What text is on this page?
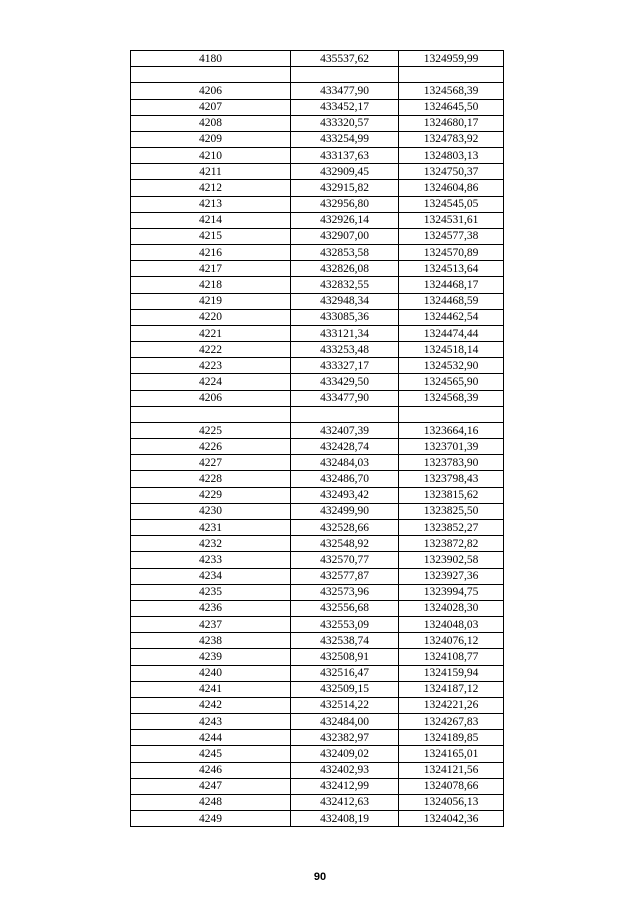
4180	435537,62	1324959,99

4206	433477,90	1324568,39
4207	433452,17	1324645,50
4208	433320,57	1324680,17
4209	433254,99	1324783,92
4210	433137,63	1324803,13
4211	432909,45	1324750,37
4212	432915,82	1324604,86
4213	432956,80	1324545,05
4214	432926,14	1324531,61
4215	432907,00	1324577,38
4216	432853,58	1324570,89
4217	432826,08	1324513,64
4218	432832,55	1324468,17
4219	432948,34	1324468,59
4220	433085,36	1324462,54
4221	433121,34	1324474,44
4222	433253,48	1324518,14
4223	433327,17	1324532,90
4224	433429,50	1324565,90
4206	433477,90	1324568,39

4225	432407,39	1323664,16
4226	432428,74	1323701,39
4227	432484,03	1323783,90
4228	432486,70	1323798,43
4229	432493,42	1323815,62
4230	432499,90	1323825,50
4231	432528,66	1323852,27
4232	432548,92	1323872,82
4233	432570,77	1323902,58
4234	432577,87	1323927,36
4235	432573,96	1323994,75
4236	432556,68	1324028,30
4237	432553,09	1324048,03
4238	432538,74	1324076,12
4239	432508,91	1324108,77
4240	432516,47	1324159,94
4241	432509,15	1324187,12
4242	432514,22	1324221,26
4243	432484,00	1324267,83
4244	432382,97	1324189,85
4245	432409,02	1324165,01
4246	432402,93	1324121,56
4247	432412,99	1324078,66
4248	432412,63	1324056,13
4249	432408,19	1324042,36
90
